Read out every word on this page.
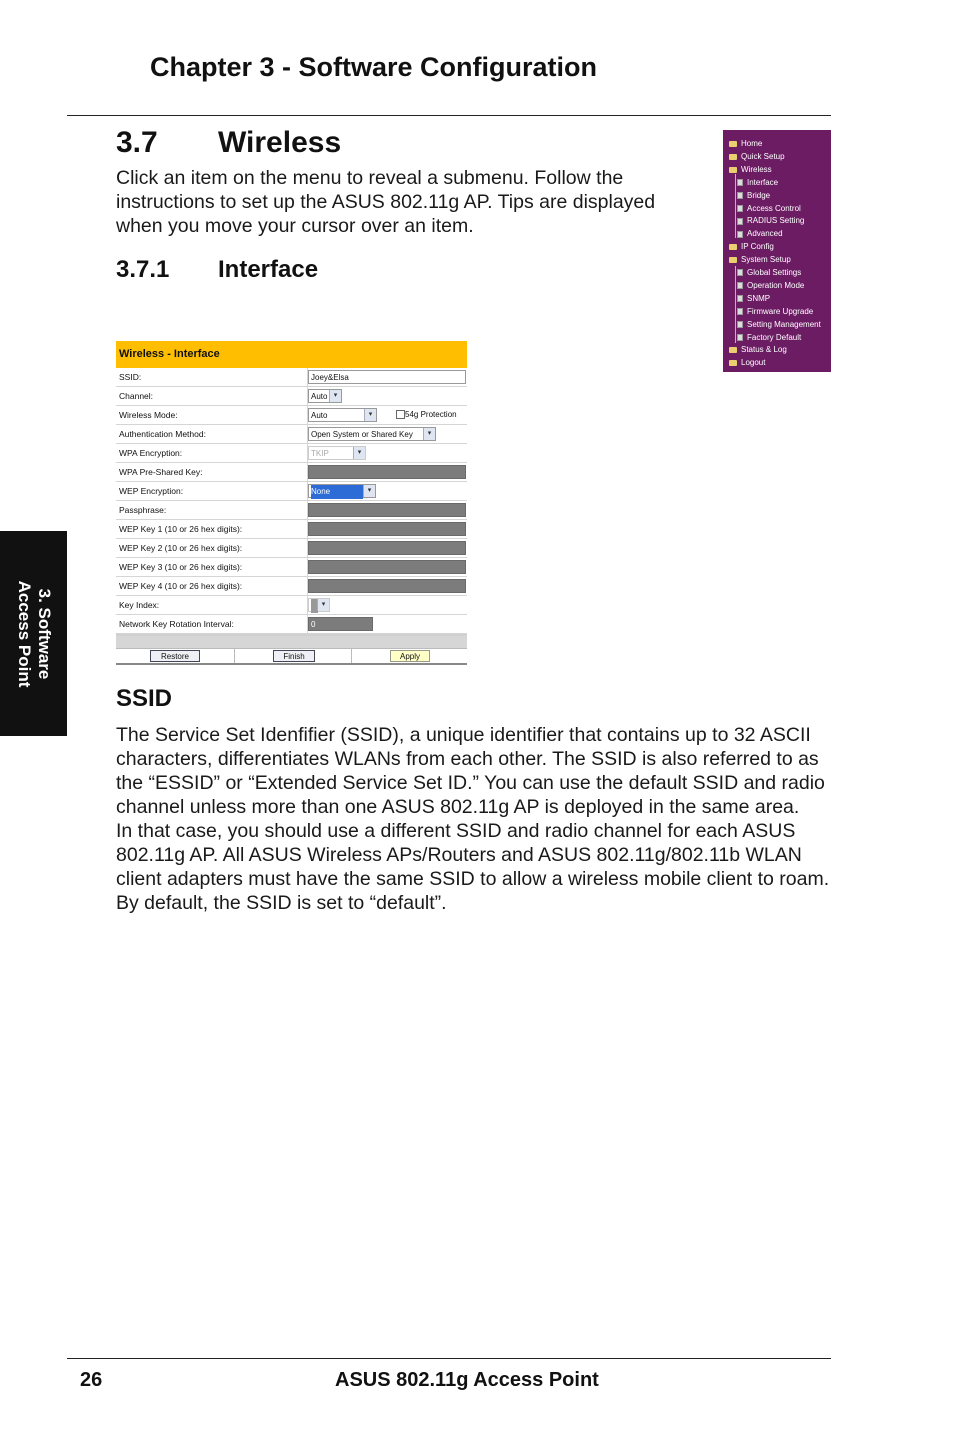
Chapter 3 - Software Configuration
3.7 Wireless
Click an item on the menu to reveal a submenu. Follow the
instructions to set up the ASUS 802.11g AP. Tips are displayed
when you move your cursor over an item.
3.7.1 Interface
Home
Quick Setup
Wireless
Interface
Bridge
Access Control
RADIUS Setting
Advanced
IP Config
System Setup
Global Settings
Operation Mode
SNMP
Firmware Upgrade
Setting Management
Factory Default
Status & Log
Logout
Wireless - Interface
SSID:	Joey&Elsa
Channel:	Auto ▾
Wireless Mode:	Auto	▾	54g Protection
Authentication Method:	Open System or Shared Key	▾
WPA Encryption:	TKIP	▾
WPA Pre-Shared Key:
WEP Encryption:	None	▾
Passphrase:
WEP Key 1 (10 or 26 hex digits):
WEP Key 2 (10 or 26 hex digits):
WEP Key 3 (10 or 26 hex digits):
WEP Key 4 (10 or 26 hex digits):
Key Index:	1 ▾
Network Key Rotation Interval:	0
Restore	Finish	Apply
SSID
The Service Set Idenfifier (SSID), a unique identifier that contains up to 32 ASCII
characters, differentiates WLANs from each other. The SSID is also referred to as
the “ESSID” or “Extended Service Set ID.” You can use the default SSID and radio
channel unless more than one ASUS 802.11g AP is deployed in the same area.
In that case, you should use a different SSID and radio channel for each ASUS
802.11g AP. All ASUS Wireless APs/Routers and ASUS 802.11g/802.11b WLAN
client adapters must have the same SSID to allow a wireless mobile client to roam.
By default, the SSID is set to “default”.
3. Software
Access Point
26	ASUS 802.11g Access Point
